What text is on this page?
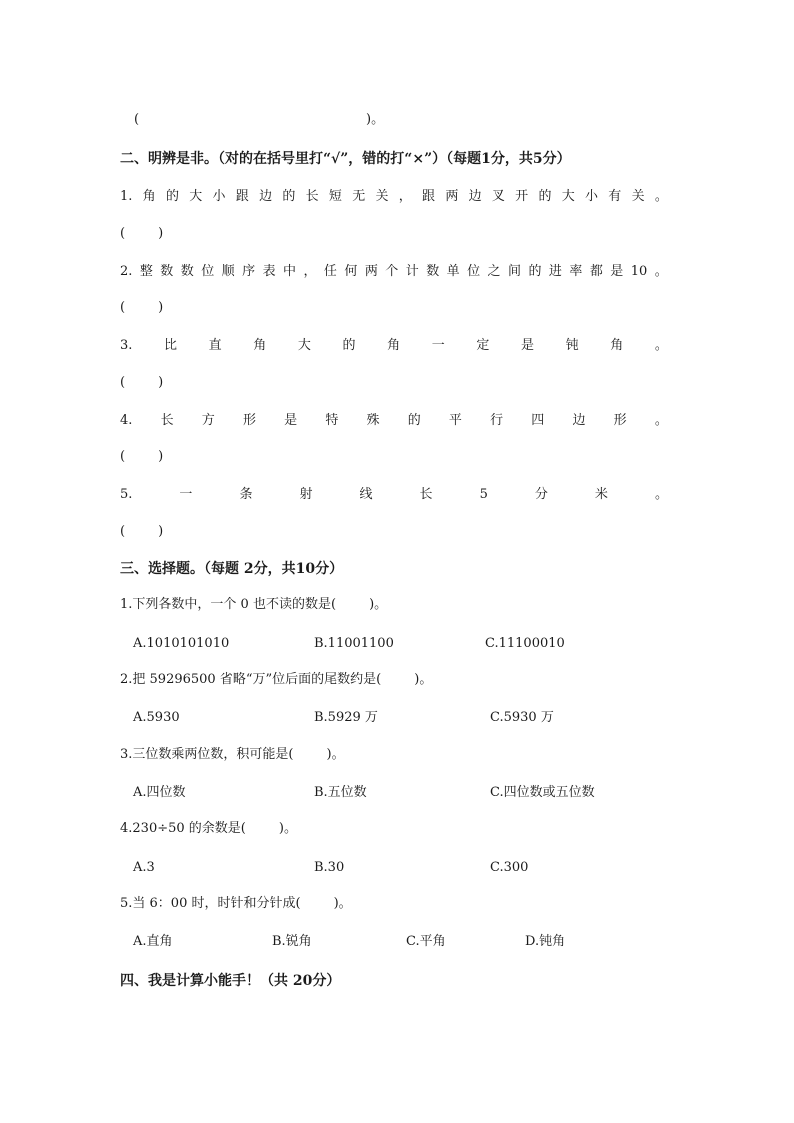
(	)。
二、明辨是非。（对的在括号里打“√”，错的打“×”）（每题1分，共5分）
1. 角 的 大 小 跟 边 的 长 短 无 关 ， 跟 两 边 叉 开 的 大 小 有 关 。
(        )
2. 整 数 数 位 顺 序 表 中 ， 任 何 两 个 计 数 单 位 之 间 的 进 率 都 是 10 。
(        )
3. 比 直 角 大 的 角 一 定 是 钝 角 。
(        )
4. 长 方 形 是 特 殊 的 平 行 四 边 形 。
(        )
5.	一	条	射	线	长	5	分	米	。
(        )
三、选择题。（每题 2分，共10分）
1.下列各数中，一个 0 也不读的数是(        )。
A.1010101010	B.11001100	C.11100010
2.把 59296500 省略“万”位后面的尾数约是(        )。
A.5930	B.5929 万	C.5930 万
3.三位数乘两位数，积可能是(        )。
A.四位数	B.五位数	C.四位数或五位数
4.230÷50 的余数是(        )。
A.3	B.30	C.300
5.当 6：00 时，时针和分针成(        )。
A.直角	B.锐角	C.平角	D.钝角
四、我是计算小能手！（共 20分）
